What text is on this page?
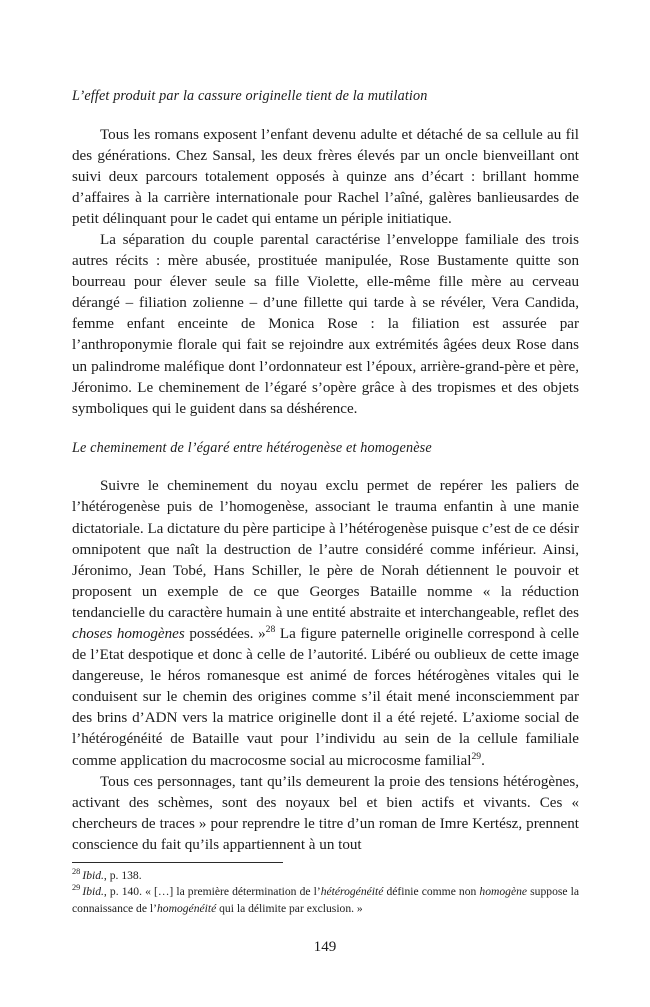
L’effet produit par la cassure originelle tient de la mutilation

Tous les romans exposent l’enfant devenu adulte et détaché de sa cellule au fil des générations. Chez Sansal, les deux frères élevés par un oncle bienveillant ont suivi deux parcours totalement opposés à quinze ans d’écart : brillant homme d’affaires à la carrière internationale pour Rachel l’aîné, galères banlieusardes de petit délinquant pour le cadet qui entame un périple initiatique.

La séparation du couple parental caractérise l’enveloppe familiale des trois autres récits : mère abusée, prostituée manipulée, Rose Bustamente quitte son bourreau pour élever seule sa fille Violette, elle-même fille mère au cerveau dérangé – filiation zolienne – d’une fillette qui tarde à se révéler, Vera Candida, femme enfant enceinte de Monica Rose : la filiation est assurée par l’anthroponymie florale qui fait se rejoindre aux extrémités âgées deux Rose dans un palindrome maléfique dont l’ordonnateur est l’époux, arrière-grand-père et père, Jéronimo. Le cheminement de l’égaré s’opère grâce à des tropismes et des objets symboliques qui le guident dans sa déshérence.

Le cheminement de l’égaré entre hétérogenèse et homogenèse

Suivre le cheminement du noyau exclu permet de repérer les paliers de l’hétérogenèse puis de l’homogenèse, associant le trauma enfantin à une manie dictatoriale. La dictature du père participe à l’hétérogenèse puisque c’est de ce désir omnipotent que naît la destruction de l’autre considéré comme inférieur. Ainsi, Jéronimo, Jean Tobé, Hans Schiller, le père de Norah détiennent le pouvoir et proposent un exemple de ce que Georges Bataille nomme « la réduction tendancielle du caractère humain à une entité abstraite et interchangeable, reflet des choses homogènes possédées. »$^{28}$ La figure paternelle originelle correspond à celle de l’Etat despotique et donc à celle de l’autorité. Libéré ou oublieux de cette image dangereuse, le héros romanesque est animé de forces hétérogènes vitales qui le conduisent sur le chemin des origines comme s’il était mené inconsciemment par des brins d’ADN vers la matrice originelle dont il a été rejeté. L’axiome social de l’hétérogénéité de Bataille vaut pour l’individu au sein de la cellule familiale comme application du macrocosme social au microcosme familial$^{29}$.

Tous ces personnages, tant qu’ils demeurent la proie des tensions hétérogènes, activant des schèmes, sont des noyaux bel et bien actifs et vivants. Ces « chercheurs de traces » pour reprendre le titre d’un roman de Imre Kertész, prennent conscience du fait qu’ils appartiennent à un tout

$^{28}$ Ibid., p. 138.

$^{29}$ Ibid., p. 140. « […] la première détermination de l’hétérogénéité définie comme non homogène suppose la connaissance de l’homogénéité qui la délimite par exclusion. »

149
